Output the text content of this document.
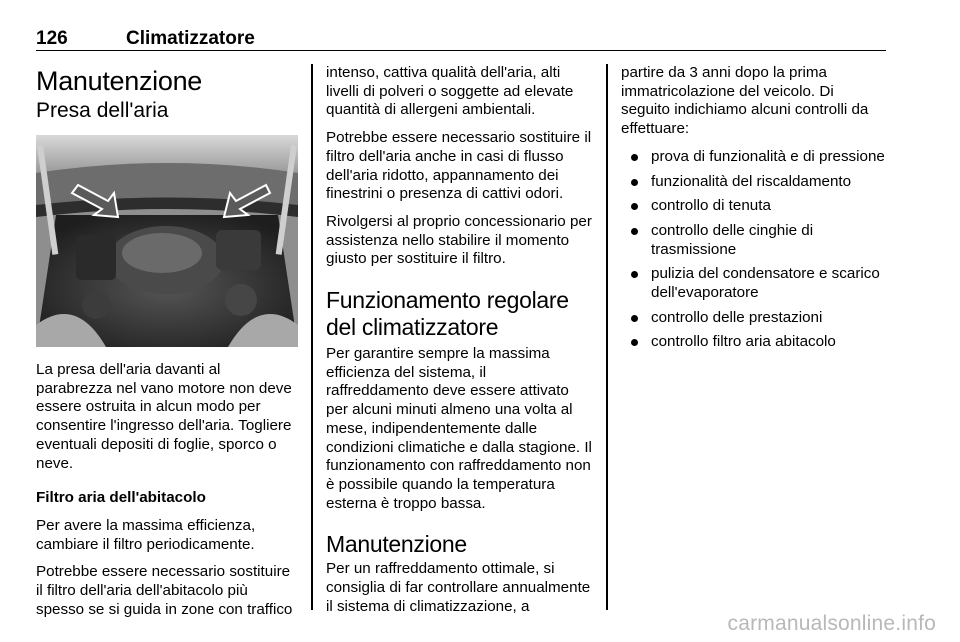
126	Climatizzatore
Manutenzione
Presa dell'aria

La presa dell'aria davanti al parabrezza nel vano motore non deve essere ostruita in alcun modo per consentire l'ingresso dell'aria. Togliere eventuali depositi di foglie, sporco o neve.

Filtro aria dell'abitacolo

Per avere la massima efficienza, cambiare il filtro periodicamente.

Potrebbe essere necessario sostituire il filtro dell'aria dell'abitacolo più spesso se si guida in zone con traffico

intenso, cattiva qualità dell'aria, alti livelli di polveri o soggette ad elevate quantità di allergeni ambientali.

Potrebbe essere necessario sostituire il filtro dell'aria anche in casi di flusso dell'aria ridotto, appannamento dei finestrini o presenza di cattivi odori.

Rivolgersi al proprio concessionario per assistenza nello stabilire il momento giusto per sostituire il filtro.

Funzionamento regolare del climatizzatore

Per garantire sempre la massima efficienza del sistema, il raffreddamento deve essere attivato per alcuni minuti almeno una volta al mese, indipendentemente dalle condizioni climatiche e dalla stagione. Il funzionamento con raffreddamento non è possibile quando la temperatura esterna è troppo bassa.

Manutenzione

Per un raffreddamento ottimale, si consiglia di far controllare annualmente il sistema di climatizzazione, a

partire da 3 anni dopo la prima immatricolazione del veicolo. Di seguito indichiamo alcuni controlli da effettuare:

prova di funzionalità e di pressione
funzionalità del riscaldamento
controllo di tenuta
controllo delle cinghie di trasmissione
pulizia del condensatore e scarico dell'evaporatore
controllo delle prestazioni
controllo filtro aria abitacolo
carmanualsonline.info
